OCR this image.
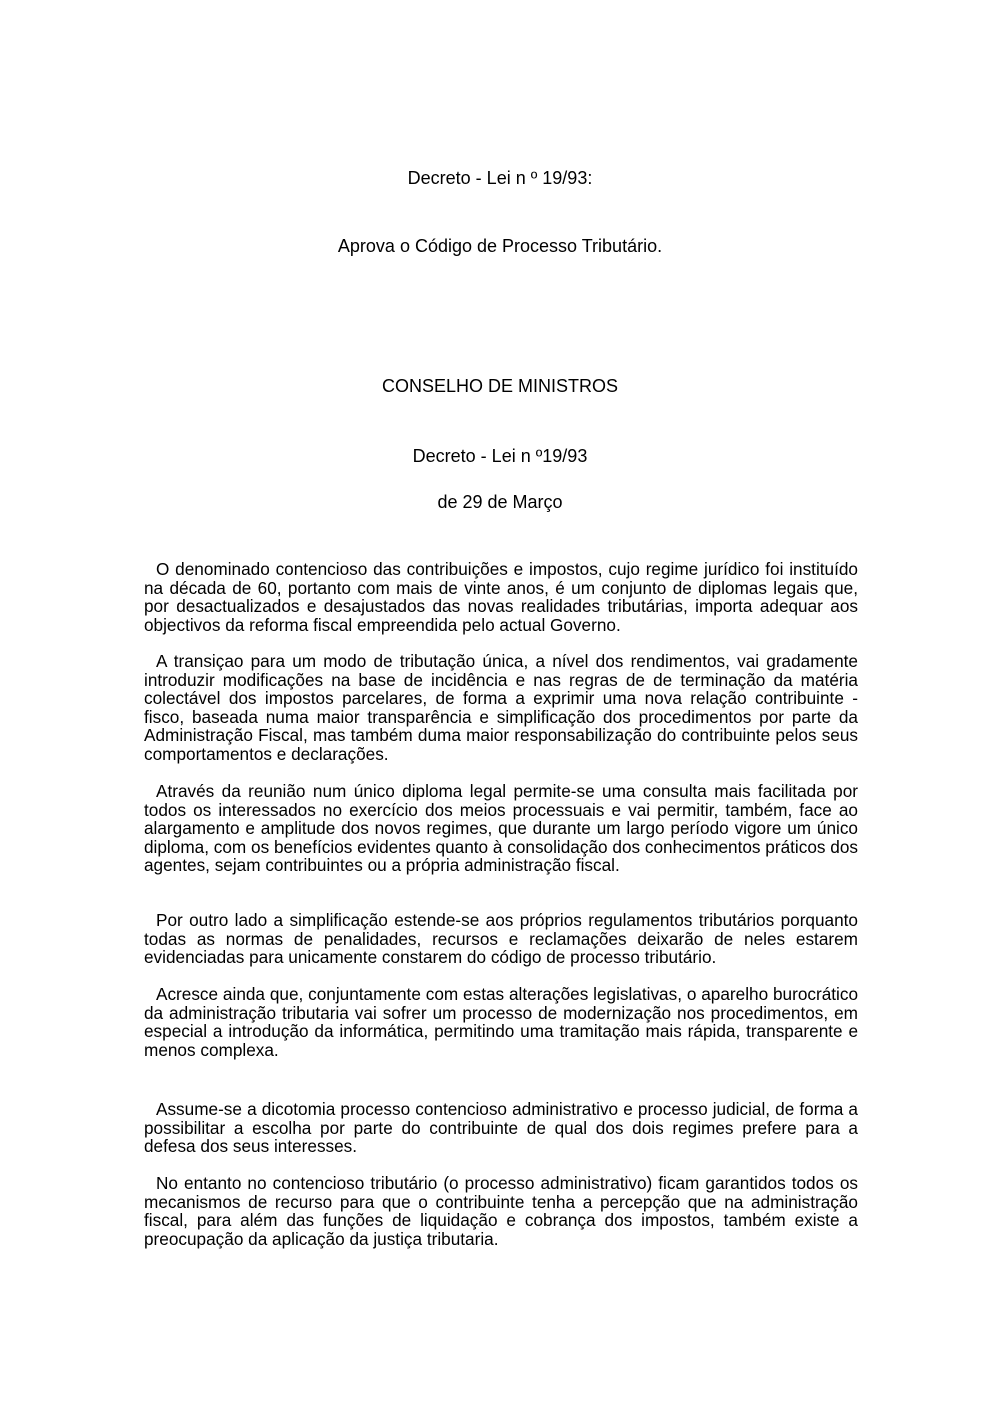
Decreto - Lei n º 19/93:
Aprova o Código de Processo Tributário.
CONSELHO DE MINISTROS
Decreto - Lei n º19/93
de 29 de Março

O denominado contencioso das contribuições e impostos, cujo regime jurídico foi instituído na década de 60, portanto com mais de vinte anos, é um conjunto de diplomas legais que, por desactualizados e desajustados das novas realidades tributárias, importa adequar aos objectivos da reforma fiscal empreendida pelo actual Governo.

A transiçao para um modo de tributação única, a nível dos rendimentos, vai gradamente introduzir modificações na base de incidência e nas regras de de terminação da matéria colectável dos impostos parcelares, de forma a exprimir uma nova relação contribuinte - fisco, baseada numa maior transparência e simplificação dos procedimentos por parte da Administração Fiscal, mas também duma maior responsabilização do contribuinte pelos seus comportamentos e declarações.

Através da reunião num único diploma legal permite-se uma consulta mais facilitada por todos os interessados no exercício dos meios processuais e vai permitir, também, face ao alargamento e amplitude dos novos regimes, que durante um largo período vigore um único diploma, com os benefícios evidentes quanto à consolidação dos conhecimentos práticos dos agentes, sejam contribuintes ou a própria administração fiscal.

Por outro lado a simplificação estende-se aos próprios regulamentos tributários porquanto todas as normas de penalidades, recursos e reclamações deixarão de neles estarem evidenciadas para unicamente constarem do código de processo tributário.

Acresce ainda que, conjuntamente com estas alterações legislativas, o aparelho burocrático da administração tributaria vai sofrer um processo de modernização nos procedimentos, em especial a introdução da informática, permitindo uma tramitação mais rápida, transparente e menos complexa.

Assume-se a dicotomia processo contencioso administrativo e processo judicial, de forma a possibilitar a escolha por parte do contribuinte de qual dos dois regimes prefere para a defesa dos seus interesses.

No entanto no contencioso tributário (o processo administrativo) ficam garantidos todos os mecanismos de recurso para que o contribuinte tenha a percepção que na administração fiscal, para além das funções de liquidação e cobrança dos impostos, também existe a preocupação da aplicação da justiça tributaria.
